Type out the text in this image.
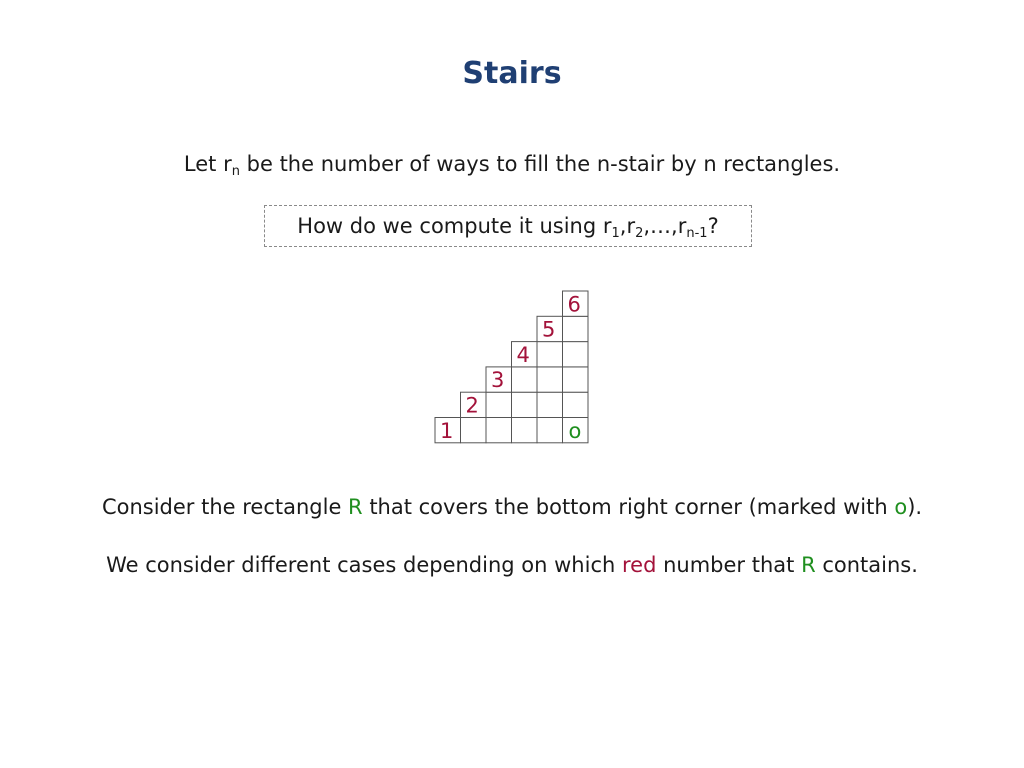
Stairs

Let $r_n$ be the number of ways to fill the n-stair by n rectangles.

How do we compute it using $r_1,r_2,\dots,r_{n-1}$?
1
2
3
4
5
6
o

Consider the rectangle R that covers the bottom right corner (marked with o).

We consider different cases depending on which red number that R contains.
